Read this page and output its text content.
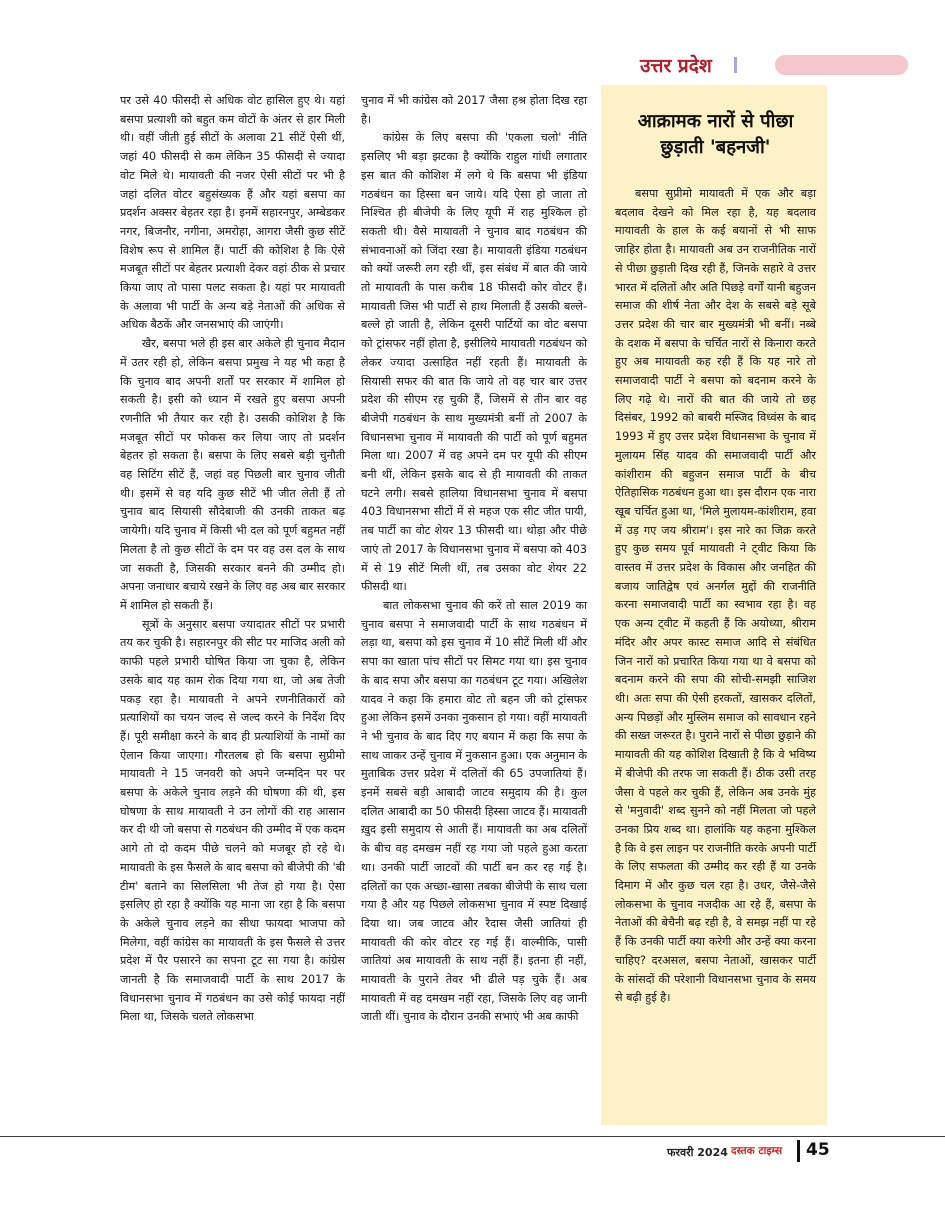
उत्तर प्रदेश

पर उसे 40 फीसदी से अधिक वोट हासिल हुए थे। यहां बसपा प्रत्याशी को बहुत कम वोटों के अंतर से हार मिली थी। वहीं जीती हुई सीटों के अलावा 21 सीटें ऐसी थीं, जहां 40 फीसदी से कम लेकिन 35 फीसदी से ज्यादा वोट मिले थे। मायावती की नजर ऐसी सीटों पर भी है जहां दलित वोटर बहुसंख्यक हैं और यहां बसपा का प्रदर्शन अक्सर बेहतर रहा है। इनमें सहारनपुर, अम्बेडकर नगर, बिजनौर, नगीना, अमरोहा, आगरा जैसी कुछ सीटें विशेष रूप से शामिल हैं। पार्टी की कोशिश है कि ऐसे मजबूत सीटों पर बेहतर प्रत्याशी देकर वहां ठीक से प्रचार किया जाए तो पासा पलट सकता है। यहां पर मायावती के अलावा भी पार्टी के अन्य बड़े नेताओं की अधिक से अधिक बैठकें और जनसभाएं की जाएंगी।

खैर, बसपा भले ही इस बार अकेले ही चुनाव मैदान में उतर रही हो, लेकिन बसपा प्रमुख ने यह भी कहा है कि चुनाव बाद अपनी शर्तों पर सरकार में शामिल हो सकती है। इसी को ध्यान में रखते हुए बसपा अपनी रणनीति भी तैयार कर रही है। उसकी कोशिश है कि मजबूत सीटों पर फोकस कर लिया जाए तो प्रदर्शन बेहतर हो सकता है। बसपा के लिए सबसे बड़ी चुनौती वह सिटिंग सीटें हैं, जहां वह पिछली बार चुनाव जीती थी। इसमें से वह यदि कुछ सीटें भी जीत लेती हैं तो चुनाव बाद सियासी सौदेबाजी की उनकी ताकत बढ़ जायेगी। यदि चुनाव में किसी भी दल को पूर्ण बहुमत नहीं मिलता है तो कुछ सीटों के दम पर वह उस दल के साथ जा सकती है, जिसकी सरकार बनने की उम्मीद हो। अपना जनाधार बचाये रखने के लिए वह अब बार सरकार में शामिल हो सकती हैं।

सूत्रों के अनुसार बसपा ज्यादातर सीटों पर प्रभारी तय कर चुकी है। सहारनपुर की सीट पर माजिद अली को काफी पहले प्रभारी घोषित किया जा चुका है, लेकिन उसके बाद यह काम रोक दिया गया था, जो अब तेजी पकड़ रहा है। मायावती ने अपने रणनीतिकारों को प्रत्याशियों का चयन जल्द से जल्द करने के निर्देश दिए हैं। पूरी समीक्षा करने के बाद ही प्रत्याशियों के नामों का ऐलान किया जाएगा। गौरतलब हो कि बसपा सुप्रीमो मायावती ने 15 जनवरी को अपने जन्मदिन पर पर बसपा के अकेले चुनाव लड़ने की घोषणा की थी, इस घोषणा के साथ मायावती ने उन लोगों की राह आसान कर दी थी जो बसपा से गठबंधन की उम्मीद में एक कदम आगे तो दो कदम पीछे चलने को मजबूर हो रहे थे। मायावती के इस फैसले के बाद बसपा को बीजेपी की 'बी टीम' बताने का सिलसिला भी तेज हो गया है। ऐसा इसलिए हो रहा है क्योंकि यह माना जा रहा है कि बसपा के अकेले चुनाव लड़ने का सीधा फायदा भाजपा को मिलेगा, वहीं कांग्रेस का मायावती के इस फैसले से उत्तर प्रदेश में पैर पसारने का सपना टूट सा गया है। कांग्रेस जानती है कि समाजवादी पार्टी के साथ 2017 के विधानसभा चुनाव में गठबंधन का उसे कोई फायदा नहीं मिला था, जिसके चलते लोकसभा

चुनाव में भी कांग्रेस को 2017 जैसा हश्र होता दिख रहा है।

कांग्रेस के लिए बसपा की 'एकला चलो' नीति इसलिए भी बड़ा झटका है क्योंकि राहुल गांधी लगातार इस बात की कोशिश में लगे थे कि बसपा भी इंडिया गठबंधन का हिस्सा बन जाये। यदि ऐसा हो जाता तो निश्चित ही बीजेपी के लिए यूपी में राह मुश्किल हो सकती थी। वैसे मायावती ने चुनाव बाद गठबंधन की संभावनाओं को जिंदा रखा है। मायावती इंडिया गठबंधन को क्यों जरूरी लग रही थीं, इस संबंध में बात की जाये तो मायावती के पास करीब 18 फीसदी कोर वोटर हैं। मायावती जिस भी पार्टी से हाथ मिलाती हैं उसकी बल्ले-बल्ले हो जाती है, लेकिन दूसरी पार्टियों का वोट बसपा को ट्रांसफर नहीं होता है, इसीलिये मायावती गठबंधन को लेकर ज्यादा उत्साहित नहीं रहती हैं। मायावती के सियासी सफर की बात कि जाये तो वह चार बार उत्तर प्रदेश की सीएम रह चुकी हैं, जिसमें से तीन बार वह बीजेपी गठबंधन के साथ मुख्यमंत्री बनीं तो 2007 के विधानसभा चुनाव में मायावती की पार्टी को पूर्ण बहुमत मिला था। 2007 में वह अपने दम पर यूपी की सीएम बनी थीं, लेकिन इसके बाद से ही मायावती की ताकत घटने लगी। सबसे हालिया विधानसभा चुनाव में बसपा 403 विधानसभा सीटों में से महज एक सीट जीत पायी, तब पार्टी का वोट शेयर 13 फीसदी था। थोड़ा और पीछे जाएं तो 2017 के विधानसभा चुनाव में बसपा को 403 में से 19 सीटें मिली थीं, तब उसका वोट शेयर 22 फीसदी था।

बात लोकसभा चुनाव की करें तो साल 2019 का चुनाव बसपा ने समाजवादी पार्टी के साथ गठबंधन में लड़ा था, बसपा को इस चुनाव में 10 सीटें मिली थीं और सपा का खाता पांच सीटों पर सिमट गया था। इस चुनाव के बाद सपा और बसपा का गठबंधन टूट गया। अखिलेश यादव ने कहा कि हमारा वोट तो बहन जी को ट्रांसफर हुआ लेकिन इसमें उनका नुकसान हो गया। वहीं मायावती ने भी चुनाव के बाद दिए गए बयान में कहा कि सपा के साथ जाकर उन्हें चुनाव में नुकसान हुआ। एक अनुमान के मुताबिक उत्तर प्रदेश में दलितों की 65 उपजातियां हैं। इनमें सबसे बड़ी आबादी जाटव समुदाय की है। कुल दलित आबादी का 50 फीसदी हिस्सा जाटव हैं। मायावती ख़ुद इसी समुदाय से आती हैं। मायावती का अब दलितों के बीच वह दमखम नहीं रह गया जो पहले हुआ करता था। उनकी पार्टी जाटवों की पार्टी बन कर रह गई है। दलितों का एक अच्छा-खासा तबका बीजेपी के साथ चला गया है और यह पिछले लोकसभा चुनाव में स्पष्ट दिखाई दिया था। जब जाटव और रैदास जैसी जातियां ही मायावती की कोर वोटर रह गई हैं। वाल्मीकि, पासी जातियां अब मायावती के साथ नहीं हैं। इतना ही नहीं, मायावती के पुराने तेवर भी ढीले पड़ चुके हैं। अब मायावती में वह दमखम नहीं रहा, जिसके लिए वह जानी जाती थीं। चुनाव के दौरान उनकी सभाएं भी अब काफी

आक्रामक नारों से पीछा छुड़ाती 'बहनजी'
बसपा सुप्रीमो मायावती में एक और बड़ा बदलाव देखने को मिल रहा है, यह बदलाव मायावती के हाल के कई बयानों से भी साफ जाहिर होता है। मायावती अब उन राजनीतिक नारों से पीछा छुड़ाती दिख रही हैं, जिनके सहारे वे उत्तर भारत में दलितों और अति पिछड़े वर्गों यानी बहुजन समाज की शीर्ष नेता और देश के सबसे बड़े सूबे उत्तर प्रदेश की चार बार मुख्यमंत्री भी बनीं। नब्बे के दशक में बसपा के चर्चित नारों से किनारा करते हुए अब मायावती कह रही हैं कि यह नारे तो समाजवादी पार्टी ने बसपा को बदनाम करने के लिए गढ़े थे। नारों की बात की जाये तो छह दिसंबर, 1992 को बाबरी मस्जिद विध्वंस के बाद 1993 में हुए उत्तर प्रदेश विधानसभा के चुनाव में मुलायम सिंह यादव की समाजवादी पार्टी और कांशीराम की बहुजन समाज पार्टी के बीच ऐतिहासिक गठबंधन हुआ था। इस दौरान एक नारा खूब चर्चित हुआ था, 'मिले मुलायम-कांशीराम, हवा में उड़ गए जय श्रीराम'। इस नारे का जिक्र करते हुए कुछ समय पूर्व मायावती ने ट्वीट किया कि वास्तव में उत्तर प्रदेश के विकास और जनहित की बजाय जातिद्वेष एवं अनर्गल मुद्दों की राजनीति करना समाजवादी पार्टी का स्वभाव रहा है। वह एक अन्य ट्वीट में कहती हैं कि अयोध्या, श्रीराम मंदिर और अपर कास्ट समाज आदि से संबंधित जिन नारों को प्रचारित किया गया था वे बसपा को बदनाम करने की सपा की सोची-समझी साजिश थी। अतः सपा की ऐसी हरकतों, खासकर दलितों, अन्य पिछड़ों और मुस्लिम समाज को सावधान रहने की सख्त जरूरत है। पुराने नारों से पीछा छुड़ाने की मायावती की यह कोशिश दिखाती है कि वे भविष्य में बीजेपी की तरफ जा सकती हैं। ठीक उसी तरह जैसा वे पहले कर चुकी हैं, लेकिन अब उनके मुंह से 'मनुवादी' शब्द सुनने को नहीं मिलता जो पहले उनका प्रिय शब्द था। हालांकि यह कहना मुश्किल है कि वे इस लाइन पर राजनीति करके अपनी पार्टी के लिए सफलता की उम्मीद कर रही हैं या उनके दिमाग में और कुछ चल रहा है। उधर, जैसे-जैसे लोकसभा के चुनाव नजदीक आ रहे हैं, बसपा के नेताओं की बेचैनी बढ़ रही है, वे समझ नहीं पा रहे हैं कि उनकी पार्टी क्या करेगी और उन्हें क्या करना चाहिए? दरअसल, बसपा नेताओं, खासकर पार्टी के सांसदों की परेशानी विधानसभा चुनाव के समय से बढ़ी हुई है।
फरवरी 2024 दस्तक टाइम्स 45
